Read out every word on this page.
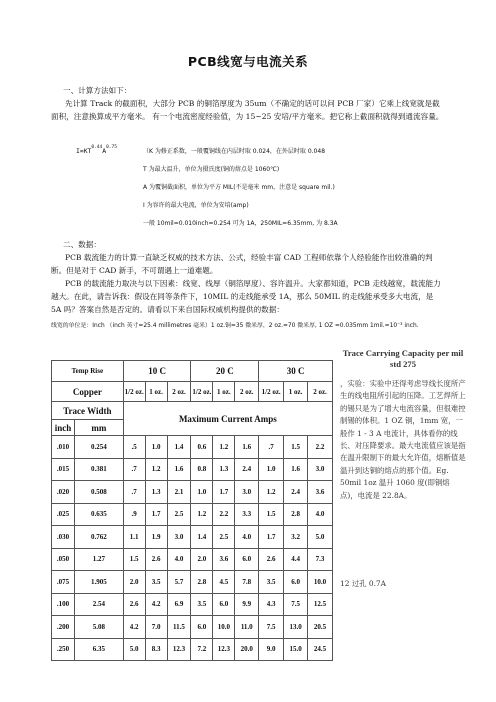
PCB线宽与电流关系
一、计算方法如下：
先计算 Track 的截面积，大部分 PCB 的铜箔厚度为 35um（不确定的话可以问 PCB 厂家）它乘上线宽就是截面积，注意换算成平方毫米。 有一个电流密度经验值，为 15~25 安培/平方毫米。把它称上截面积就得到通流容量。
$I=KT^{0.44}A^{0.75}$
（K 为修正系数，一般覆铜线在内层时取 0.024，在外层时取 0.048
T 为最大温升，单位为摄氏度(铜的熔点是 1060℃)
A 为覆铜截面积，单位为平方 MIL(不是毫米 mm，注意是 square mil.)
I 为容许的最大电流，单位为安培(amp)
一般 10mil=0.010inch=0.254 可为 1A，250MIL=6.35mm, 为 8.3A
二、数据：
PCB 载流能力的计算一直缺乏权威的技术方法、公式，经验丰富 CAD 工程师依靠个人经验能作出较准确的判断。但是对于 CAD 新手，不可谓遇上一道难题。
PCB 的载流能力取决与以下因素：线宽、线厚（铜箔厚度）、容许温升。大家都知道，PCB 走线越宽，载流能力越大。在此，请告诉我：假设在同等条件下，10MIL 的走线能承受 1A，那么 50MIL 的走线能承受多大电流，是 5A 吗？答案自然是否定的。请看以下来自国际权威机构提供的数据：
线宽的单位是：Inch （inch 英寸=25.4 millimetres 毫米）1 oz.铜=35 微米厚，2 oz.=70 微米厚, 1 OZ =0.035mm 1mil.=10⁻³ inch.
Temp Rise		10 C			20 C			30 C		
Copper		1/2 oz.	1 oz.	2 oz.	1/2 oz.	1 oz.	2 oz.	1/2 oz.	1 oz.	2 oz.
Trace Width		Maximum Current Amps								
inch	mm									
.010	0.254	.5	1.0	1.4	0.6	1.2	1.6	.7	1.5	2.2
.015	0.381	.7	1.2	1.6	0.8	1.3	2.4	1.0	1.6	3.0
.020	0.508	.7	1.3	2.1	1.0	1.7	3.0	1.2	2.4	3.6
.025	0.635	.9	1.7	2.5	1.2	2.2	3.3	1.5	2.8	4.0
.030	0.762	1.1	1.9	3.0	1.4	2.5	4.0	1.7	3.2	5.0
.050	1.27	1.5	2.6	4.0	2.0	3.6	6.0	2.6	4.4	7.3
.075	1.905	2.0	3.5	5.7	2.8	4.5	7.8	3.5	6.0	10.0
.100	2.54	2.6	4.2	6.9	3.5	6.0	9.9	4.3	7.5	12.5
.200	5.08	4.2	7.0	11.5	6.0	10.0	11.0	7.5	13.0	20.5
.250	6.35	5.0	8.3	12.3	7.2	12.3	20.0	9.0	15.0	24.5
Trace Carrying Capacity per mil std 275
，实验：实验中还得考虑导线长度所产生的线电阻所引起的压降。工艺焊所上的锡只是为了增大电流容量，但很难控制锡的体积。1 OZ 铜，1mm 宽，一般作 1 - 3 A 电流计，具体看你的线长、对压降要求。最大电流值应该是指在温升限制下的最大允许值，熔断值是温升到达铜的熔点的那个值。Eg. 50mil 1oz 温升 1060 度(即铜熔点)，电流是 22.8A。
12 过孔 0.7A
